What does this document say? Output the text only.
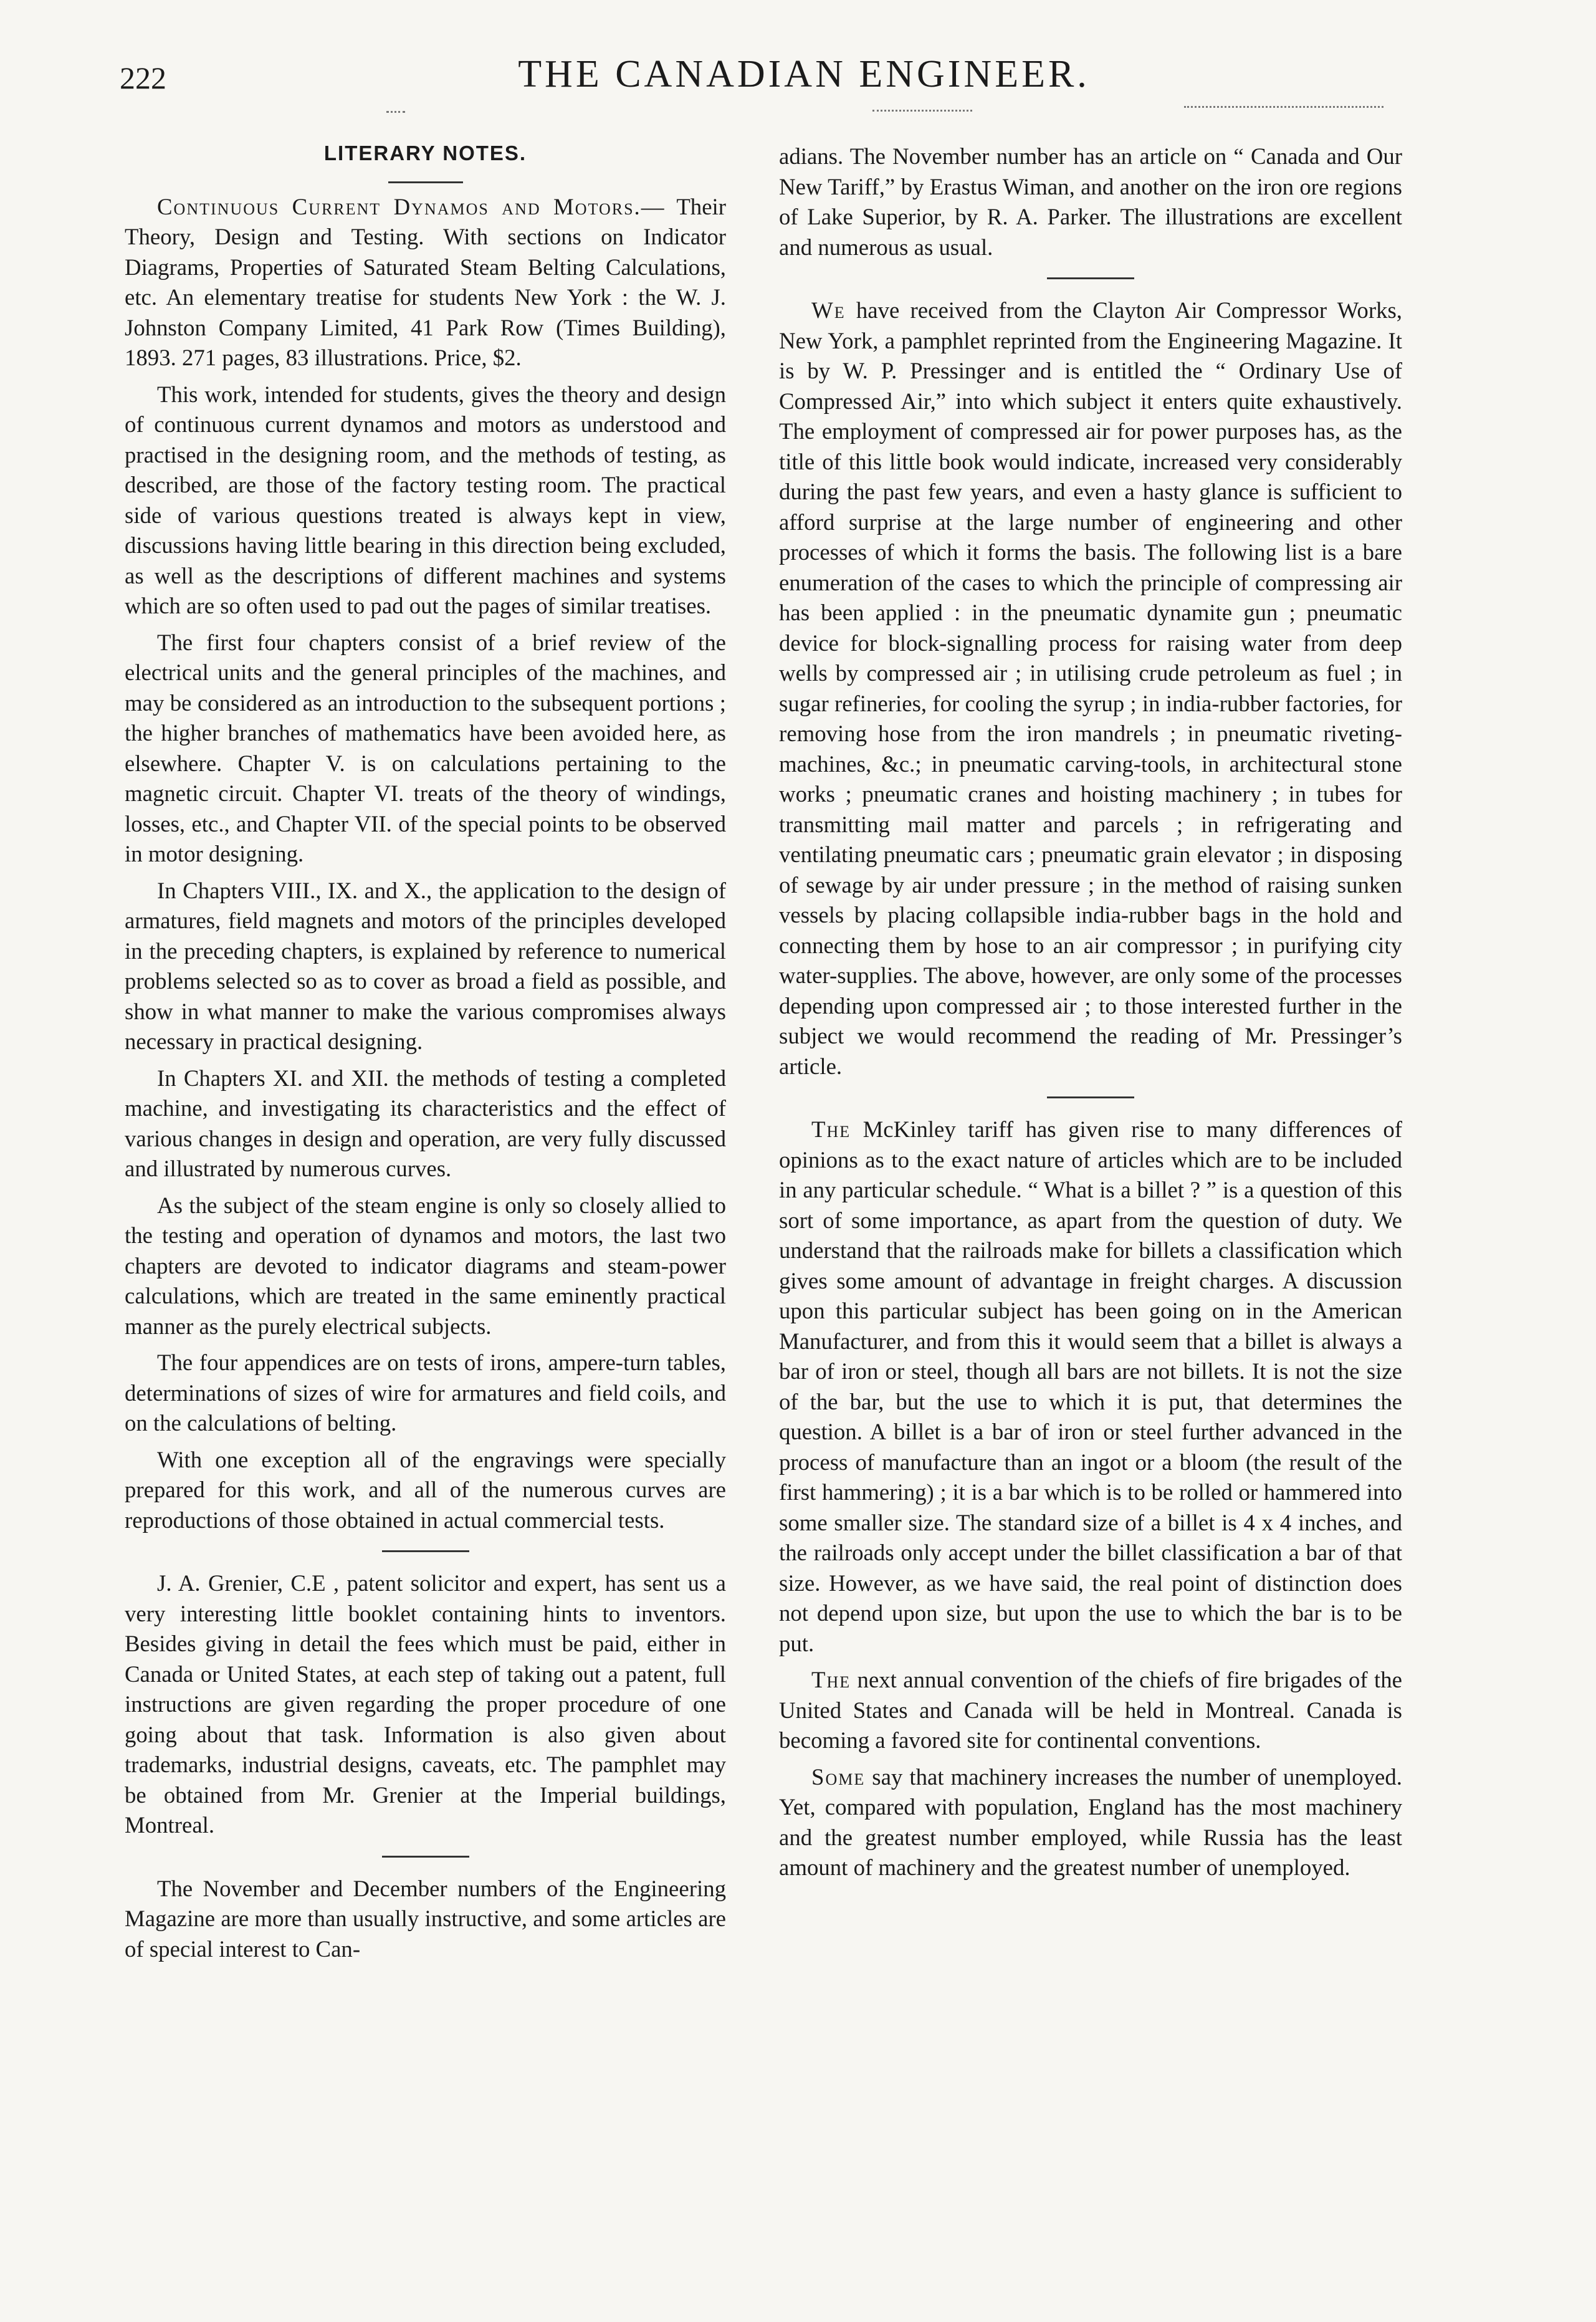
222	THE CANADIAN ENGINEER.
LITERARY NOTES.

Continuous Current Dynamos and Motors.— Their Theory, Design and Testing. With sections on Indicator Diagrams, Properties of Saturated Steam Belting Calculations, etc. An elementary treatise for students New York : the W. J. Johnston Company Limited, 41 Park Row (Times Building), 1893. 271 pages, 83 illustrations. Price, $2.

This work, intended for students, gives the theory and design of continuous current dynamos and motors as understood and practised in the designing room, and the methods of testing, as described, are those of the factory testing room. The practical side of various questions treated is always kept in view, discussions having little bearing in this direction being excluded, as well as the descriptions of different machines and systems which are so often used to pad out the pages of similar treatises.

The first four chapters consist of a brief review of the electrical units and the general principles of the machines, and may be considered as an introduction to the subsequent portions ; the higher branches of mathematics have been avoided here, as elsewhere. Chapter V. is on calculations pertaining to the magnetic circuit. Chapter VI. treats of the theory of windings, losses, etc., and Chapter VII. of the special points to be observed in motor designing.

In Chapters VIII., IX. and X., the application to the design of armatures, field magnets and motors of the principles developed in the preceding chapters, is explained by reference to numerical problems selected so as to cover as broad a field as possible, and show in what manner to make the various compromises always necessary in practical designing.

In Chapters XI. and XII. the methods of testing a completed machine, and investigating its characteristics and the effect of various changes in design and operation, are very fully discussed and illustrated by numerous curves.

As the subject of the steam engine is only so closely allied to the testing and operation of dynamos and motors, the last two chapters are devoted to indicator diagrams and steam-power calculations, which are treated in the same eminently practical manner as the purely electrical subjects.

The four appendices are on tests of irons, ampere-turn tables, determinations of sizes of wire for armatures and field coils, and on the calculations of belting.

With one exception all of the engravings were specially prepared for this work, and all of the numerous curves are reproductions of those obtained in actual commercial tests.

J. A. Grenier, C.E , patent solicitor and expert, has sent us a very interesting little booklet containing hints to inventors. Besides giving in detail the fees which must be paid, either in Canada or United States, at each step of taking out a patent, full instructions are given regarding the proper procedure of one going about that task. Information is also given about trademarks, industrial designs, caveats, etc. The pamphlet may be obtained from Mr. Grenier at the Imperial buildings, Montreal.

The November and December numbers of the Engineering Magazine are more than usually instructive, and some articles are of special interest to Can-

adians. The November number has an article on “ Canada and Our New Tariff,” by Erastus Wiman, and another on the iron ore regions of Lake Superior, by R. A. Parker. The illustrations are excellent and numerous as usual.

We have received from the Clayton Air Compressor Works, New York, a pamphlet reprinted from the Engineering Magazine. It is by W. P. Pressinger and is entitled the “ Ordinary Use of Compressed Air,” into which subject it enters quite exhaustively. The employment of compressed air for power purposes has, as the title of this little book would indicate, increased very considerably during the past few years, and even a hasty glance is sufficient to afford surprise at the large number of engineering and other processes of which it forms the basis. The following list is a bare enumeration of the cases to which the principle of compressing air has been applied : in the pneumatic dynamite gun ; pneumatic device for block-signalling process for raising water from deep wells by compressed air ; in utilising crude petroleum as fuel ; in sugar refineries, for cooling the syrup ; in india-rubber factories, for removing hose from the iron mandrels ; in pneumatic riveting-machines, &c.; in pneumatic carving-tools, in architectural stone works ; pneumatic cranes and hoisting machinery ; in tubes for transmitting mail matter and parcels ; in refrigerating and ventilating pneumatic cars ; pneumatic grain elevator ; in disposing of sewage by air under pressure ; in the method of raising sunken vessels by placing collapsible india-rubber bags in the hold and connecting them by hose to an air compressor ; in purifying city water-supplies. The above, however, are only some of the processes depending upon compressed air ; to those interested further in the subject we would recommend the reading of Mr. Pressinger’s article.

The McKinley tariff has given rise to many differences of opinions as to the exact nature of articles which are to be included in any particular schedule. “ What is a billet ? ” is a question of this sort of some importance, as apart from the question of duty. We understand that the railroads make for billets a classification which gives some amount of advantage in freight charges. A discussion upon this particular subject has been going on in the American Manufacturer, and from this it would seem that a billet is always a bar of iron or steel, though all bars are not billets. It is not the size of the bar, but the use to which it is put, that determines the question. A billet is a bar of iron or steel further advanced in the process of manufacture than an ingot or a bloom (the result of the first hammering) ; it is a bar which is to be rolled or hammered into some smaller size. The standard size of a billet is 4 x 4 inches, and the railroads only accept under the billet classification a bar of that size. However, as we have said, the real point of distinction does not depend upon size, but upon the use to which the bar is to be put.

The next annual convention of the chiefs of fire brigades of the United States and Canada will be held in Montreal. Canada is becoming a favored site for continental conventions.

Some say that machinery increases the number of unemployed. Yet, compared with population, England has the most machinery and the greatest number employed, while Russia has the least amount of machinery and the greatest number of unemployed.
